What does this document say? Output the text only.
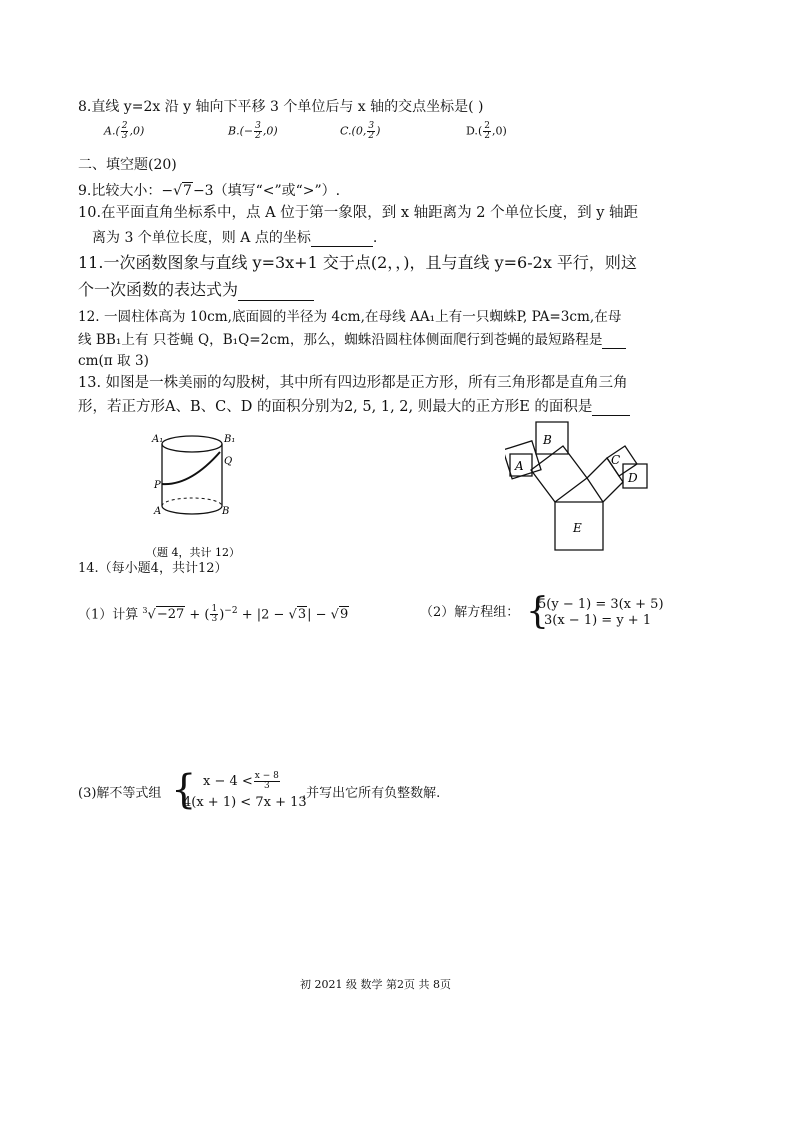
8.直线 y=2x 沿 y 轴向下平移 3 个单位后与 x 轴的交点坐标是( )
$A.( \frac{2}{3} ,0)$	$B.(- \frac{3}{2} ,0)$	C.(0, $\frac{3}{2}$ )	$D.( \frac{2}{2} ,0)$
二、填空题(20)
9.比较大小：−√7−3（填写“<”或“>”）.
10.在平面直角坐标系中，点 A 位于第一象限，到 x 轴距离为 2 个单位长度，到 y 轴距
离为 3 个单位长度，则 A 点的坐标	.
11.一次函数图象与直线 y=3x+1 交于点(2，，)，且与直线 y=6-2x 平行，则这
个一次函数的表达式为
12. 一圆柱体高为 10cm,底面圆的半径为 4cm,在母线 AA₁上有一只蜘蛛P, PA=3cm,在母
线 BB₁上有 只苍蝇 Q，B₁Q=2cm，那么，蜘蛛沿圆柱体侧面爬行到苍蝇的最短路程是
cm(π 取 3)
13. 如图是一株美丽的勾股树，其中所有四边形都是正方形，所有三角形都是直角三角
形，若正方形A、B、C、D 的面积分别为2, 5, 1, 2, 则最大的正方形E 的面积是
A₁	B₁
Q
P
A	B
（题 4，共计 12）
B
A	C
D
E
14.（每小题4，共计12）
（1）计算 $^3$√−27 + ( $\frac{1}{3} )^{-2} + |2 - √3| - √9$	（2）解方程组： {
5(y − 1) = 3(x + 5)
3(x − 1) = y + 1
(3)解不等式组 { $x - 4 < \frac{x - 8}{3}$
4(x + 1) < 7x + 13
,并写出它所有负整数解.
初 2021 级 数学 第2页 共 8页
